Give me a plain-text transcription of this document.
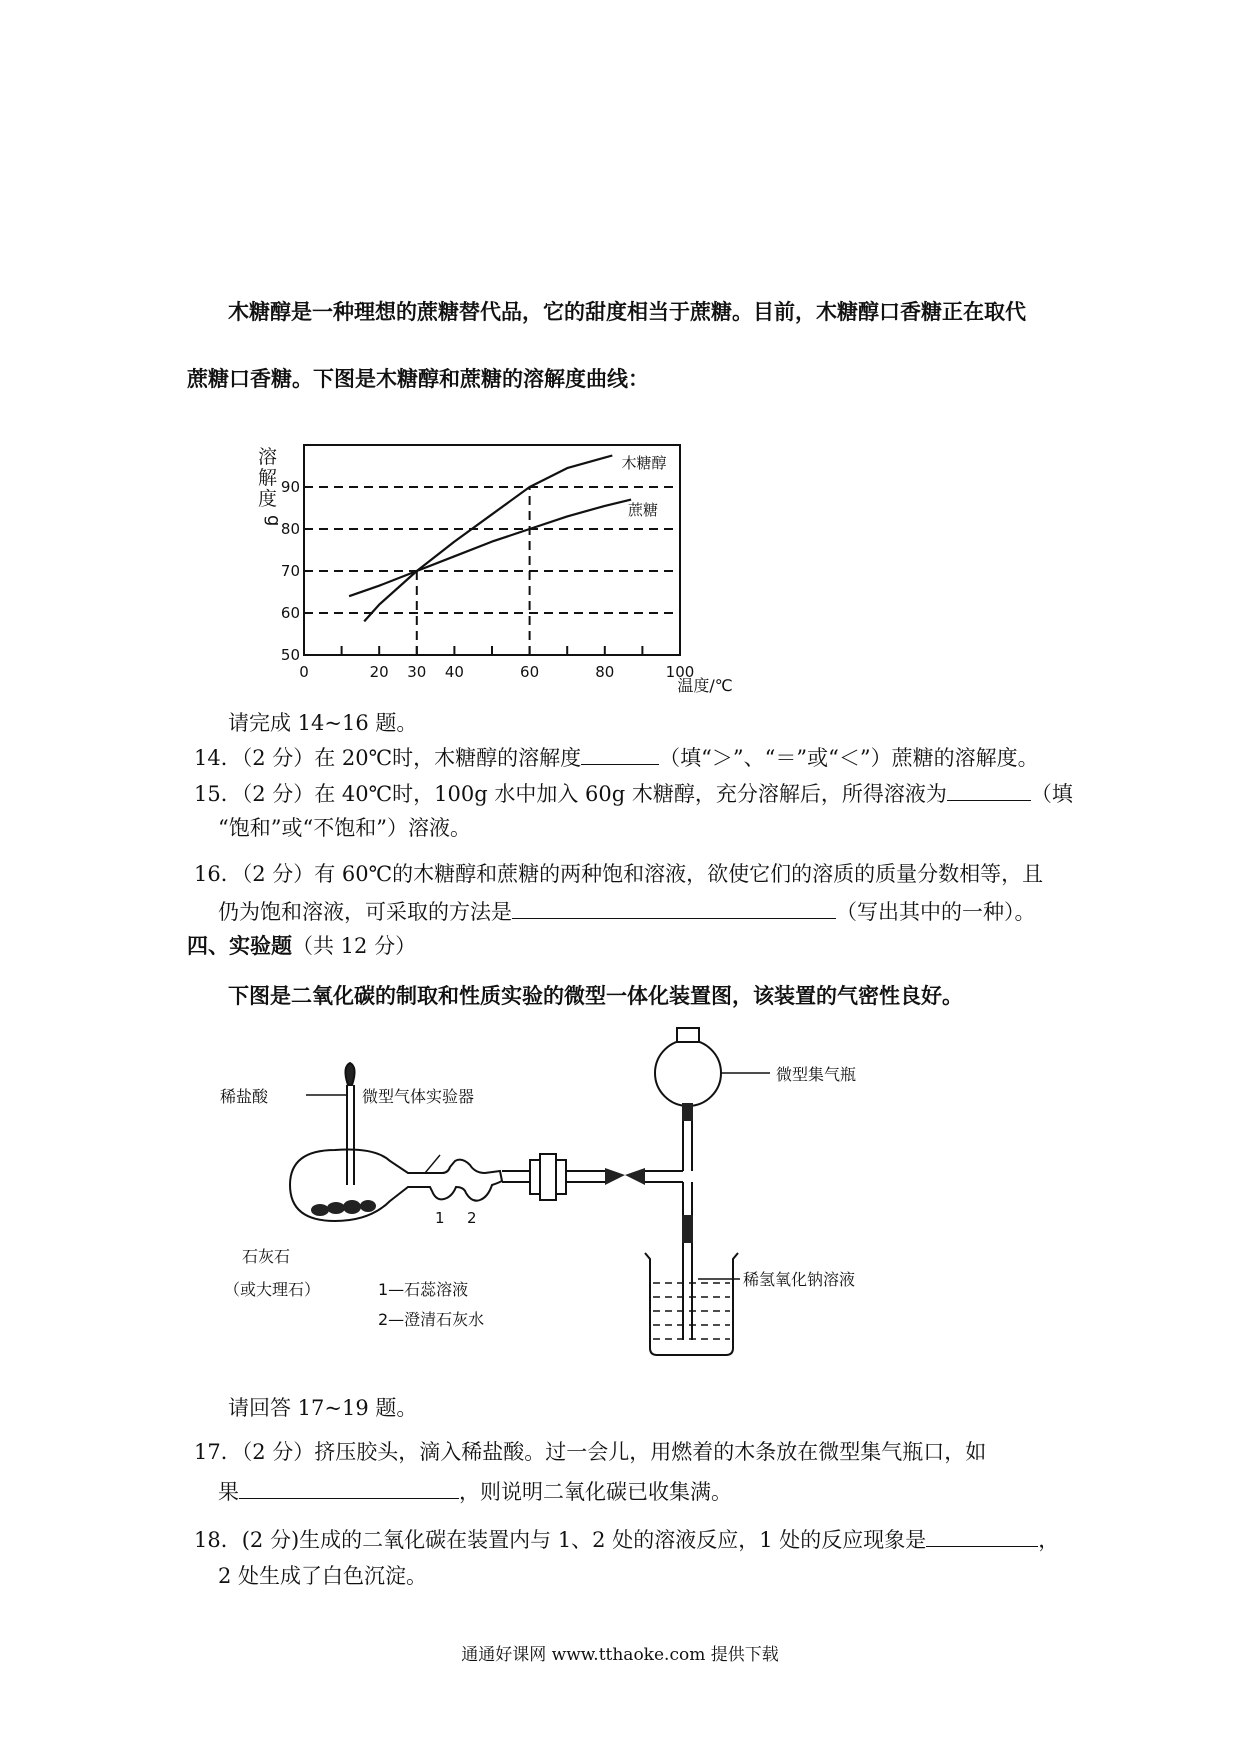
木糖醇是一种理想的蔗糖替代品，它的甜度相当于蔗糖。目前，木糖醇口香糖正在取代
蔗糖口香糖。下图是木糖醇和蔗糖的溶解度曲线：
0	20 30 40	60	80	100
50
60
70
80
90
溶
解
度
g
温度/℃
木糖醇
蔗糖
请完成 14~16 题。
14．（2 分）在 20℃时，木糖醇的溶解度	（填“＞”、“＝”或“＜”）蔗糖的溶解度。
15．（2 分）在 40℃时，100g 水中加入 60g 木糖醇，充分溶解后，所得溶液为	（填
“饱和”或“不饱和”）溶液。
16．（2 分）有 60℃的木糖醇和蔗糖的两种饱和溶液，欲使它们的溶质的质量分数相等，且
仍为饱和溶液，可采取的方法是	（写出其中的一种）。
四、实验题（共 12 分）
下图是二氧化碳的制取和性质实验的微型一体化装置图，该装置的气密性良好。
稀盐酸	微型气体实验器
微型集气瓶
石灰石
（或大理石）	1—石蕊溶液
2—澄清石灰水
稀氢氧化钠溶液
1 2
请回答 17~19 题。
17．（2 分）挤压胶头，滴入稀盐酸。过一会儿，用燃着的木条放在微型集气瓶口，如
果	，则说明二氧化碳已收集满。
18．(2 分)生成的二氧化碳在装置内与 1、2 处的溶液反应，1 处的反应现象是	，
2 处生成了白色沉淀。
通通好课网 www.tthaoke.com 提供下载
